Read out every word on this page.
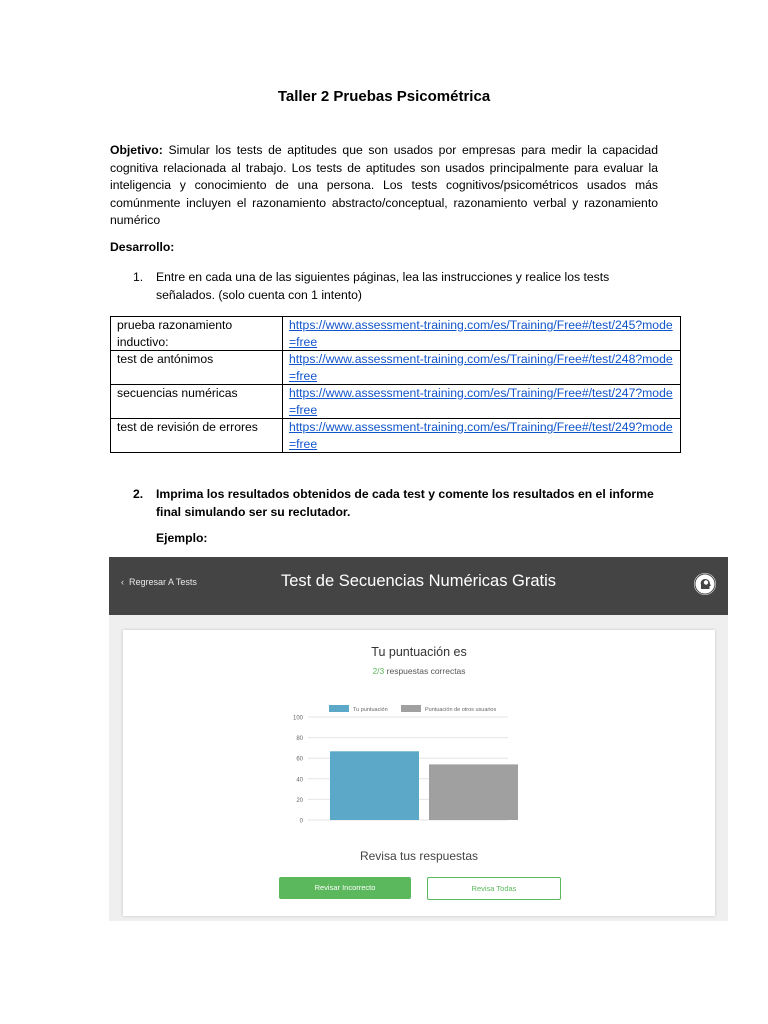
Taller 2 Pruebas Psicométrica
Objetivo: Simular los tests de aptitudes que son usados por empresas para medir la capacidad cognitiva relacionada al trabajo. Los tests de aptitudes son usados principalmente para evaluar la inteligencia y conocimiento de una persona. Los tests cognitivos/psicométricos usados más comúnmente incluyen el razonamiento abstracto/conceptual, razonamiento verbal y razonamiento numérico
Desarrollo:
1. Entre en cada una de las siguientes páginas, lea las instrucciones y realice los tests señalados. (solo cuenta con 1 intento)
prueba razonamiento inductivo:	https://www.assessment-training.com/es/Training/Free#/test/245?mode=free
test de antónimos	https://www.assessment-training.com/es/Training/Free#/test/248?mode=free
secuencias numéricas	https://www.assessment-training.com/es/Training/Free#/test/247?mode=free
test de revisión de errores	https://www.assessment-training.com/es/Training/Free#/test/249?mode=free
2. Imprima los resultados obtenidos de cada test y comente los resultados en el informe final simulando ser su reclutador.
Ejemplo:
‹ Regresar A Tests	Test de Secuencias Numéricas Gratis
Tu puntuación es
2/3 respuestas correctas
0
20
40
60
80
100
Tu puntuación	Puntuación de otros usuarios
Revisa tus respuestas
Revisar Incorrecto	Revisa Todas
